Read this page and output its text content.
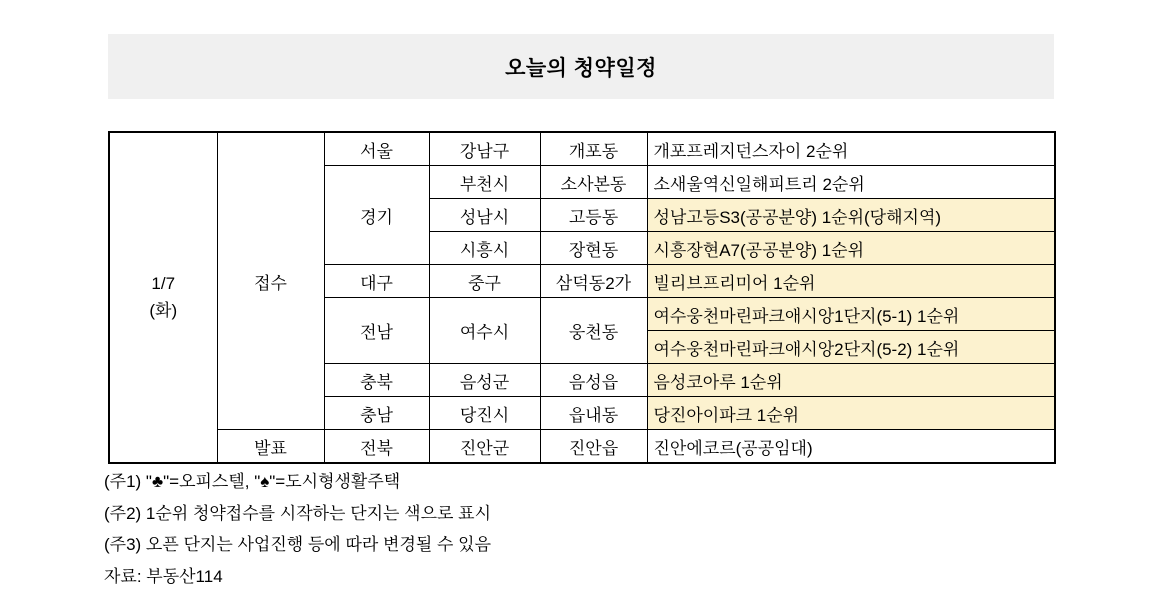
오늘의 청약일정
1/7
(화)	접수	서울	강남구	개포동	개포프레지던스자이 2순위
		경기	부천시	소사본동	소새울역신일해피트리 2순위
			성남시	고등동	성남고등S3(공공분양) 1순위(당해지역)
			시흥시	장현동	시흥장현A7(공공분양) 1순위
		대구	중구	삼덕동2가	빌리브프리미어 1순위
		전남	여수시	웅천동	여수웅천마린파크애시앙1단지(5-1) 1순위
					여수웅천마린파크애시앙2단지(5-2) 1순위
		충북	음성군	음성읍	음성코아루 1순위
		충남	당진시	읍내동	당진아이파크 1순위
	발표	전북	진안군	진안읍	진안에코르(공공임대)
(주1) "♣"=오피스텔, "♠"=도시형생활주택
(주2) 1순위 청약접수를 시작하는 단지는 색으로 표시
(주3) 오픈 단지는 사업진행 등에 따라 변경될 수 있음
자료: 부동산114
